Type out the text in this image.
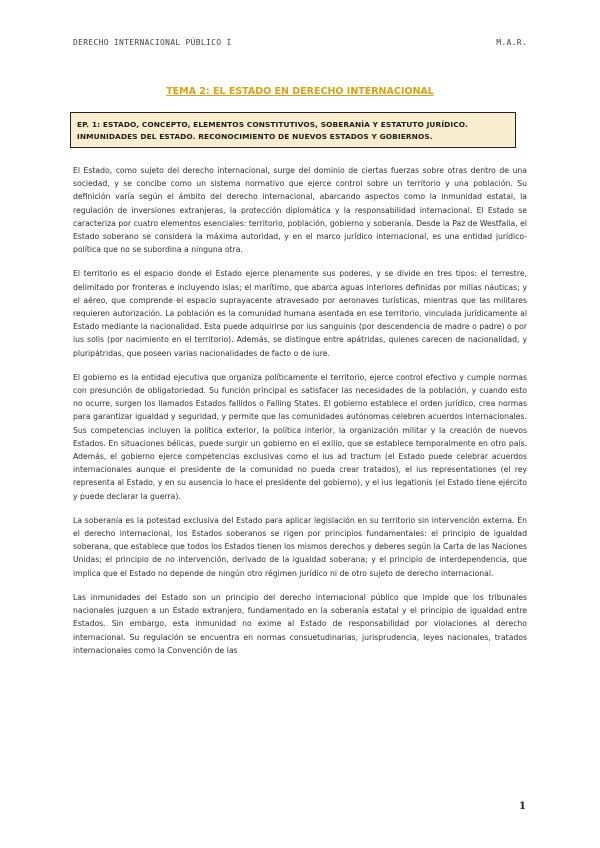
DERECHO INTERNACIONAL PÚBLICO I	M.A.R.
TEMA 2: EL ESTADO EN DERECHO INTERNACIONAL
EP. 1: ESTADO, CONCEPTO, ELEMENTOS CONSTITUTIVOS, SOBERANÍA Y ESTATUTO JURÍDICO. INMUNIDADES DEL ESTADO. RECONOCIMIENTO DE NUEVOS ESTADOS Y GOBIERNOS.

El Estado, como sujeto del derecho internacional, surge del dominio de ciertas fuerzas sobre otras dentro de una sociedad, y se concibe como un sistema normativo que ejerce control sobre un territorio y una población. Su definición varía según el ámbito del derecho internacional, abarcando aspectos como la inmunidad estatal, la regulación de inversiones extranjeras, la protección diplomática y la responsabilidad internacional. El Estado se caracteriza por cuatro elementos esenciales: territorio, población, gobierno y soberanía. Desde la Paz de Westfalia, el Estado soberano se considera la máxima autoridad, y en el marco jurídico internacional, es una entidad jurídico-política que no se subordina a ninguna otra.

El territorio es el espacio donde el Estado ejerce plenamente sus poderes, y se divide en tres tipos: el terrestre, delimitado por fronteras e incluyendo islas; el marítimo, que abarca aguas interiores definidas por millas náuticas; y el aéreo, que comprende el espacio suprayacente atravesado por aeronaves turísticas, mientras que las militares requieren autorización. La población es la comunidad humana asentada en ese territorio, vinculada jurídicamente al Estado mediante la nacionalidad. Esta puede adquirirse por ius sanguinis (por descendencia de madre o padre) o por ius solis (por nacimiento en el territorio). Además, se distingue entre apátridas, quienes carecen de nacionalidad, y pluripátridas, que poseen varias nacionalidades de facto o de iure.

El gobierno es la entidad ejecutiva que organiza políticamente el territorio, ejerce control efectivo y cumple normas con presunción de obligatoriedad. Su función principal es satisfacer las necesidades de la población, y cuando esto no ocurre, surgen los llamados Estados fallidos o Falling States. El gobierno establece el orden jurídico, crea normas para garantizar igualdad y seguridad, y permite que las comunidades autónomas celebren acuerdos internacionales. Sus competencias incluyen la política exterior, la política interior, la organización militar y la creación de nuevos Estados. En situaciones bélicas, puede surgir un gobierno en el exilio, que se establece temporalmente en otro país. Además, el gobierno ejerce competencias exclusivas como el ius ad tractum (el Estado puede celebrar acuerdos internacionales aunque el presidente de la comunidad no pueda crear tratados), el ius representationes (el rey representa al Estado, y en su ausencia lo hace el presidente del gobierno), y el ius legationis (el Estado tiene ejército y puede declarar la guerra).

La soberanía es la potestad exclusiva del Estado para aplicar legislación en su territorio sin intervención externa. En el derecho internacional, los Estados soberanos se rigen por principios fundamentales: el principio de igualdad soberana, que establece que todos los Estados tienen los mismos derechos y deberes según la Carta de las Naciones Unidas; el principio de no intervención, derivado de la igualdad soberana; y el principio de interdependencia, que implica que el Estado no depende de ningún otro régimen jurídico ni de otro sujeto de derecho internacional.

Las inmunidades del Estado son un principio del derecho internacional público que impide que los tribunales nacionales juzguen a un Estado extranjero, fundamentado en la soberanía estatal y el principio de igualdad entre Estados. Sin embargo, esta inmunidad no exime al Estado de responsabilidad por violaciones al derecho internacional. Su regulación se encuentra en normas consuetudinarias, jurisprudencia, leyes nacionales, tratados internacionales como la Convención de las

1
